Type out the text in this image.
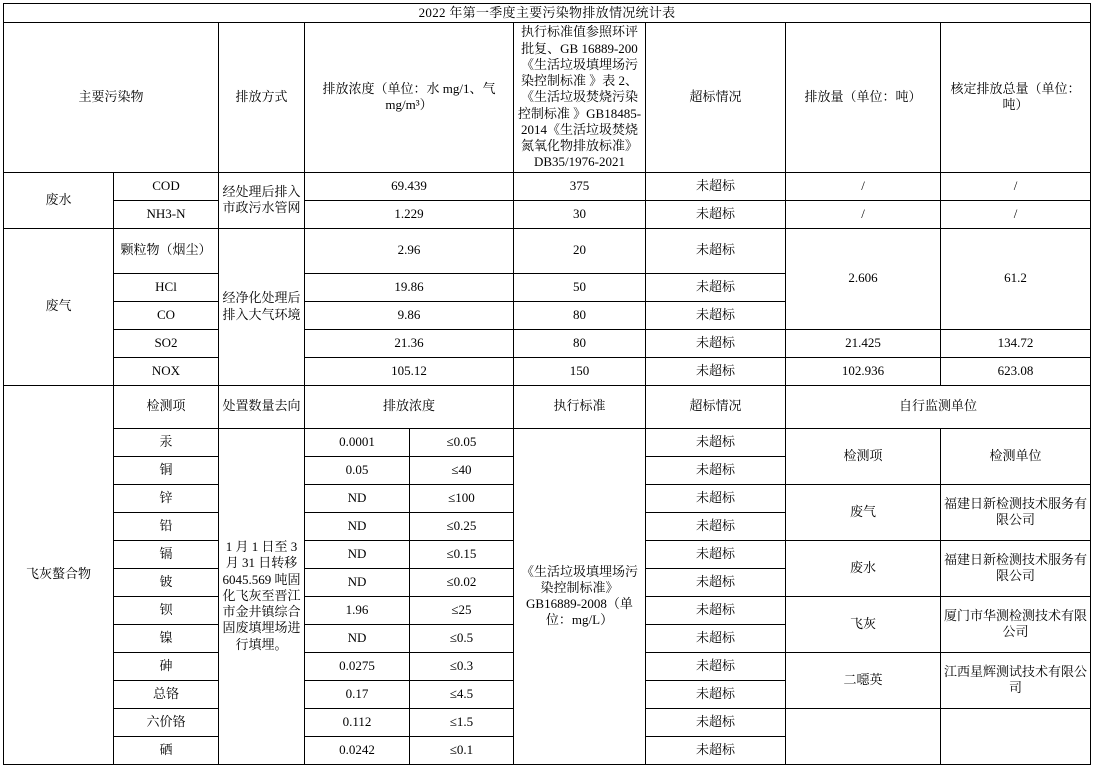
2022 年第一季度主要污染物排放情况统计表								
主要污染物		排放方式	排放浓度（单位：水 mg/1、气 mg/m³）		执行标准值参照环评批复、GB 16889-200《生活垃圾填埋场污染控制标准 》表 2、《生活垃圾焚烧污染控制标准 》GB18485-2014《生活垃圾焚烧氮氧化物排放标准》DB35/1976-2021	超标情况	排放量（单位：吨）	核定排放总量（单位：吨）
废水	COD	经处理后排入市政污水管网	69.439		375	未超标	/	/
	NH3-N		1.229		30	未超标	/	/
废气	颗粒物（烟尘）	经净化处理后排入大气环境	2.96		20	未超标	2.606	61.2
	HCl		19.86		50	未超标		
	CO		9.86		80	未超标		
	SO2		21.36		80	未超标	21.425	134.72
	NOX		105.12		150	未超标	102.936	623.08
飞灰螯合物	检测项	处置数量去向	排放浓度		执行标准	超标情况	自行监测单位	
	汞	1 月 1 日至 3 月 31 日转移 6045.569 吨固化飞灰至晋江市金井镇综合固废填埋场进行填埋。	0.0001	≤0.05	《生活垃圾填埋场污染控制标准》GB16889-2008（单位：mg/L）	未超标	检测项	检测单位
	铜		0.05	≤40		未超标		
	锌		ND	≤100		未超标	废气	福建日新检测技术服务有限公司
	铅		ND	≤0.25		未超标		
	镉		ND	≤0.15		未超标	废水	福建日新检测技术服务有限公司
	铍		ND	≤0.02		未超标		
	钡		1.96	≤25		未超标	飞灰	厦门市华测检测技术有限公司
	镍		ND	≤0.5		未超标		
	砷		0.0275	≤0.3		未超标	二噁英	江西星辉测试技术有限公司
	总铬		0.17	≤4.5		未超标		
	六价铬		0.112	≤1.5		未超标		
	硒		0.0242	≤0.1		未超标		
